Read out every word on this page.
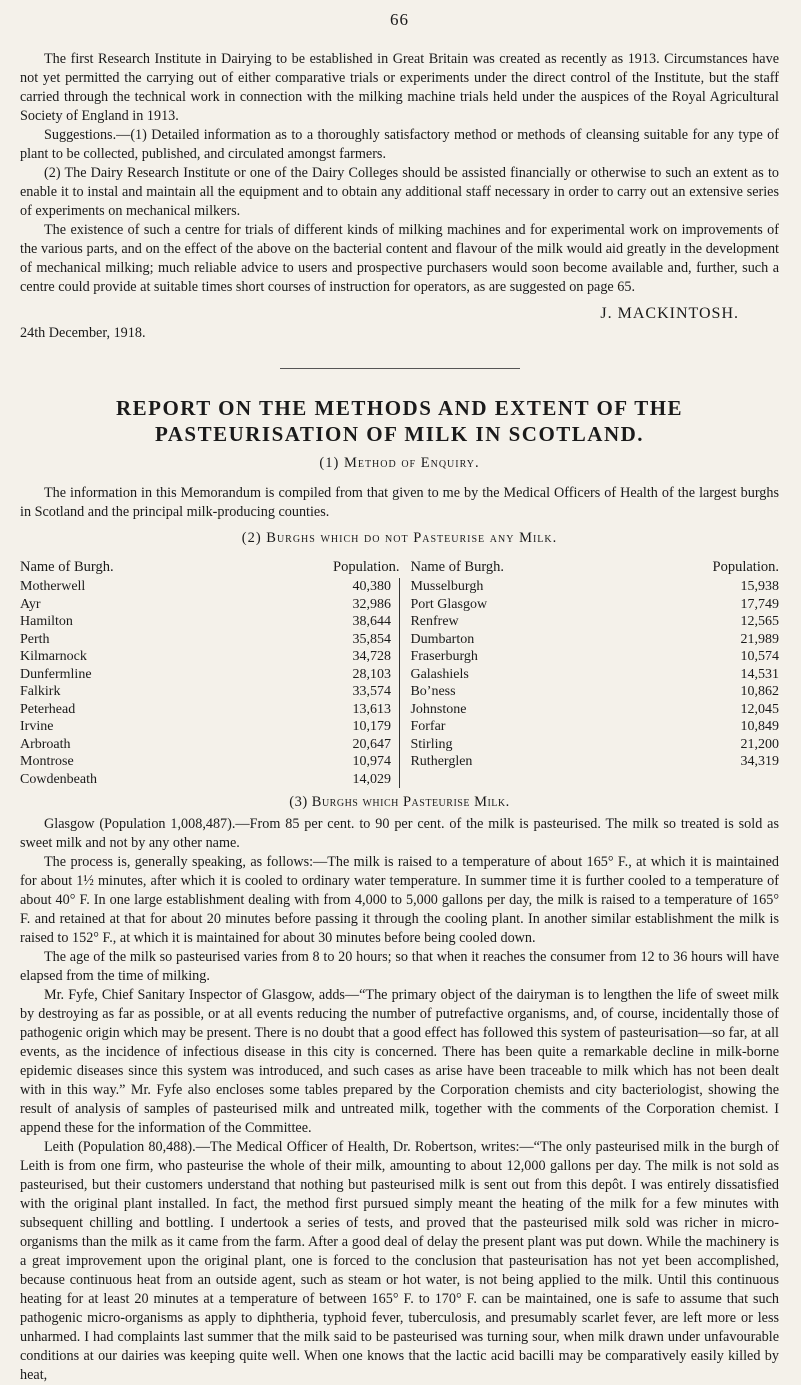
66

The first Research Institute in Dairying to be established in Great Britain was created as recently as 1913. Circumstances have not yet permitted the carrying out of either comparative trials or experiments under the direct control of the Institute, but the staff carried through the technical work in connection with the milking machine trials held under the auspices of the Royal Agricultural Society of England in 1913.

Suggestions.—(1) Detailed information as to a thoroughly satisfactory method or methods of cleansing suitable for any type of plant to be collected, published, and circulated amongst farmers.

(2) The Dairy Research Institute or one of the Dairy Colleges should be assisted financially or otherwise to such an extent as to enable it to instal and maintain all the equipment and to obtain any additional staff necessary in order to carry out an extensive series of experiments on mechanical milkers.

The existence of such a centre for trials of different kinds of milking machines and for experimental work on improvements of the various parts, and on the effect of the above on the bacterial content and flavour of the milk would aid greatly in the development of mechanical milking; much reliable advice to users and prospective purchasers would soon become available and, further, such a centre could provide at suitable times short courses of instruction for operators, as are suggested on page 65.

J. MACKINTOSH.
24th December, 1918.
REPORT ON THE METHODS AND EXTENT OF THE
PASTEURISATION OF MILK IN SCOTLAND.
(1) Method of Enquiry.

The information in this Memorandum is compiled from that given to me by the Medical Officers of Health of the largest burghs in Scotland and the principal milk-producing counties.

(2) Burghs which do not Pasteurise any Milk.
Name of Burgh.	Population.		Name of Burgh.	Population.
Motherwell	40,380		Musselburgh	15,938
Ayr	32,986		Port Glasgow	17,749
Hamilton	38,644		Renfrew	12,565
Perth	35,854		Dumbarton	21,989
Kilmarnock	34,728		Fraserburgh	10,574
Dunfermline	28,103		Galashiels	14,531
Falkirk	33,574		Bo’ness	10,862
Peterhead	13,613		Johnstone	12,045
Irvine	10,179		Forfar	10,849
Arbroath	20,647		Stirling	21,200
Montrose	10,974		Rutherglen	34,319
Cowdenbeath	14,029			
(3) Burghs which Pasteurise Milk.

Glasgow (Population 1,008,487).—From 85 per cent. to 90 per cent. of the milk is pasteurised. The milk so treated is sold as sweet milk and not by any other name.

The process is, generally speaking, as follows:—The milk is raised to a temperature of about 165° F., at which it is maintained for about 1½ minutes, after which it is cooled to ordinary water temperature. In summer time it is further cooled to a temperature of about 40° F. In one large establishment dealing with from 4,000 to 5,000 gallons per day, the milk is raised to a temperature of 165° F. and retained at that for about 20 minutes before passing it through the cooling plant. In another similar establishment the milk is raised to 152° F., at which it is maintained for about 30 minutes before being cooled down.

The age of the milk so pasteurised varies from 8 to 20 hours; so that when it reaches the consumer from 12 to 36 hours will have elapsed from the time of milking.

Mr. Fyfe, Chief Sanitary Inspector of Glasgow, adds—“The primary object of the dairyman is to lengthen the life of sweet milk by destroying as far as possible, or at all events reducing the number of putrefactive organisms, and, of course, incidentally those of pathogenic origin which may be present. There is no doubt that a good effect has followed this system of pasteurisation—so far, at all events, as the incidence of infectious disease in this city is concerned. There has been quite a remarkable decline in milk-borne epidemic diseases since this system was introduced, and such cases as arise have been traceable to milk which has not been dealt with in this way.” Mr. Fyfe also encloses some tables prepared by the Corporation chemists and city bacteriologist, showing the result of analysis of samples of pasteurised milk and untreated milk, together with the comments of the Corporation chemist. I append these for the information of the Committee.

Leith (Population 80,488).—The Medical Officer of Health, Dr. Robertson, writes:—“The only pasteurised milk in the burgh of Leith is from one firm, who pasteurise the whole of their milk, amounting to about 12,000 gallons per day. The milk is not sold as pasteurised, but their customers understand that nothing but pasteurised milk is sent out from this depôt. I was entirely dissatisfied with the original plant installed. In fact, the method first pursued simply meant the heating of the milk for a few minutes with subsequent chilling and bottling. I undertook a series of tests, and proved that the pasteurised milk sold was richer in micro-organisms than the milk as it came from the farm. After a good deal of delay the present plant was put down. While the machinery is a great improvement upon the original plant, one is forced to the conclusion that pasteurisation has not yet been accomplished, because continuous heat from an outside agent, such as steam or hot water, is not being applied to the milk. Until this continuous heating for at least 20 minutes at a temperature of between 165° F. to 170° F. can be maintained, one is safe to assume that such pathogenic micro-organisms as apply to diphtheria, typhoid fever, tuberculosis, and presumably scarlet fever, are left more or less unharmed. I had complaints last summer that the milk said to be pasteurised was turning sour, when milk drawn under unfavourable conditions at our dairies was keeping quite well. When one knows that the lactic acid bacilli may be comparatively easily killed by heat,
